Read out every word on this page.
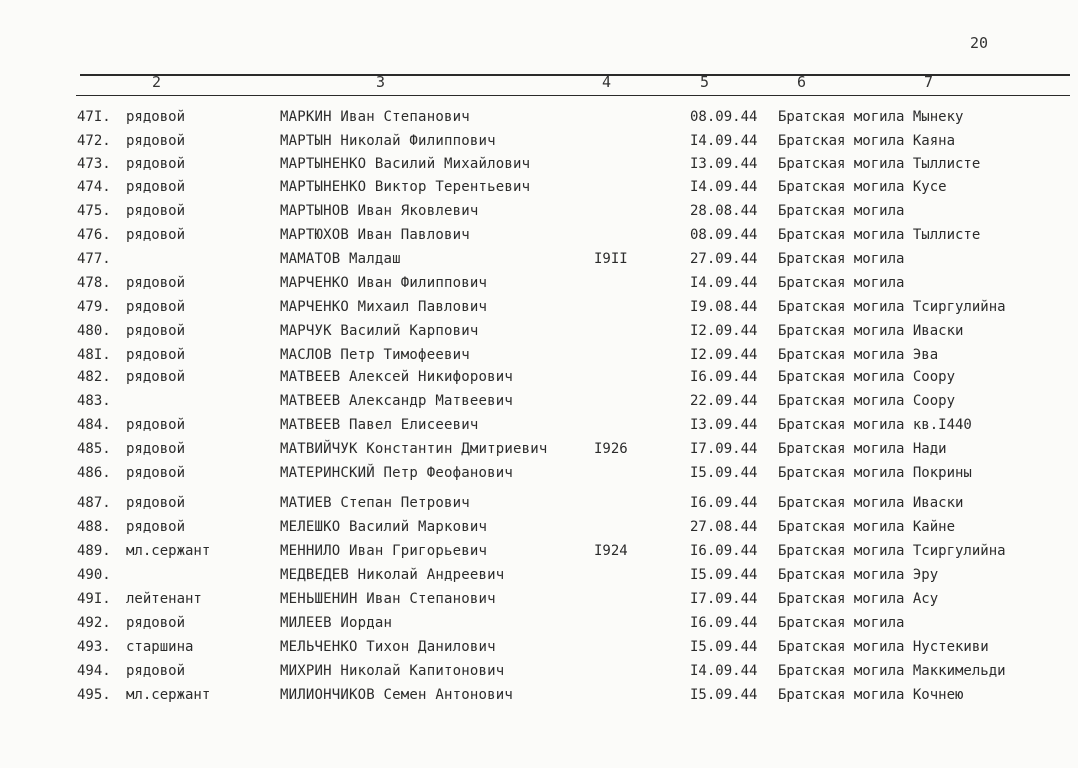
20
2	3	4	5	6	7
47I. рядовой	МАРКИН Иван Степанович	08.09.44 Братская могила Мынеку
472. рядовой	МАРТЫН Николай Филиппович	I4.09.44 Братская могила Каяна
473. рядовой	МАРТЫНЕНКО Василий Михайлович	I3.09.44 Братская могила Тыллисте
474. рядовой	МАРТЫНЕНКО Виктор Терентьевич	I4.09.44 Братская могила Кусе
475. рядовой	МАРТЫНОВ Иван Яковлевич	28.08.44 Братская могила
476. рядовой	МАРТЮХОВ Иван Павлович	08.09.44 Братская могила Тыллисте
477.	МАМАТОВ Малдаш	I9II	27.09.44 Братская могила
478. рядовой	МАРЧЕНКО Иван Филиппович	I4.09.44 Братская могила
479. рядовой	МАРЧЕНКО Михаил Павлович	I9.08.44 Братская могила Тсиргулийна
480. рядовой	МАРЧУК Василий Карпович	I2.09.44 Братская могила Иваски
48I. рядовой	МАСЛОВ Петр Тимофеевич	I2.09.44 Братская могила Эва
482. рядовой	МАТВЕЕВ Алексей Никифорович	I6.09.44 Братская могила Соору
483.	МАТВЕЕВ Александр Матвеевич	22.09.44 Братская могила Соору
484. рядовой	МАТВЕЕВ Павел Елисеевич	I3.09.44 Братская могила кв.I440
485. рядовой	МАТВИЙЧУК Константин Дмитриевич	I926	I7.09.44 Братская могила Нади
486. рядовой	МАТЕРИНСКИЙ Петр Феофанович	I5.09.44 Братская могила Покрины
487. рядовой	МАТИЕВ Степан Петрович	I6.09.44 Братская могила Иваски
488. рядовой	МЕЛЕШКО Василий Маркович	27.08.44 Братская могила Кайне
489. мл.сержант	МЕННИЛО Иван Григорьевич	I924	I6.09.44 Братская могила Тсиргулийна
490.	МЕДВЕДЕВ Николай Андреевич	I5.09.44 Братская могила Эру
49I. лейтенант	МЕНЬШЕНИН Иван Степанович	I7.09.44 Братская могила Асу
492. рядовой	МИЛЕЕВ Иордан	I6.09.44 Братская могила
493. старшина	МЕЛЬЧЕНКО Тихон Данилович	I5.09.44 Братская могила Нустекиви
494. рядовой	МИХРИН Николай Капитонович	I4.09.44 Братская могила Маккимельди
495. мл.сержант	МИЛИОНЧИКОВ Семен Антонович	I5.09.44 Братская могила Кочнею
